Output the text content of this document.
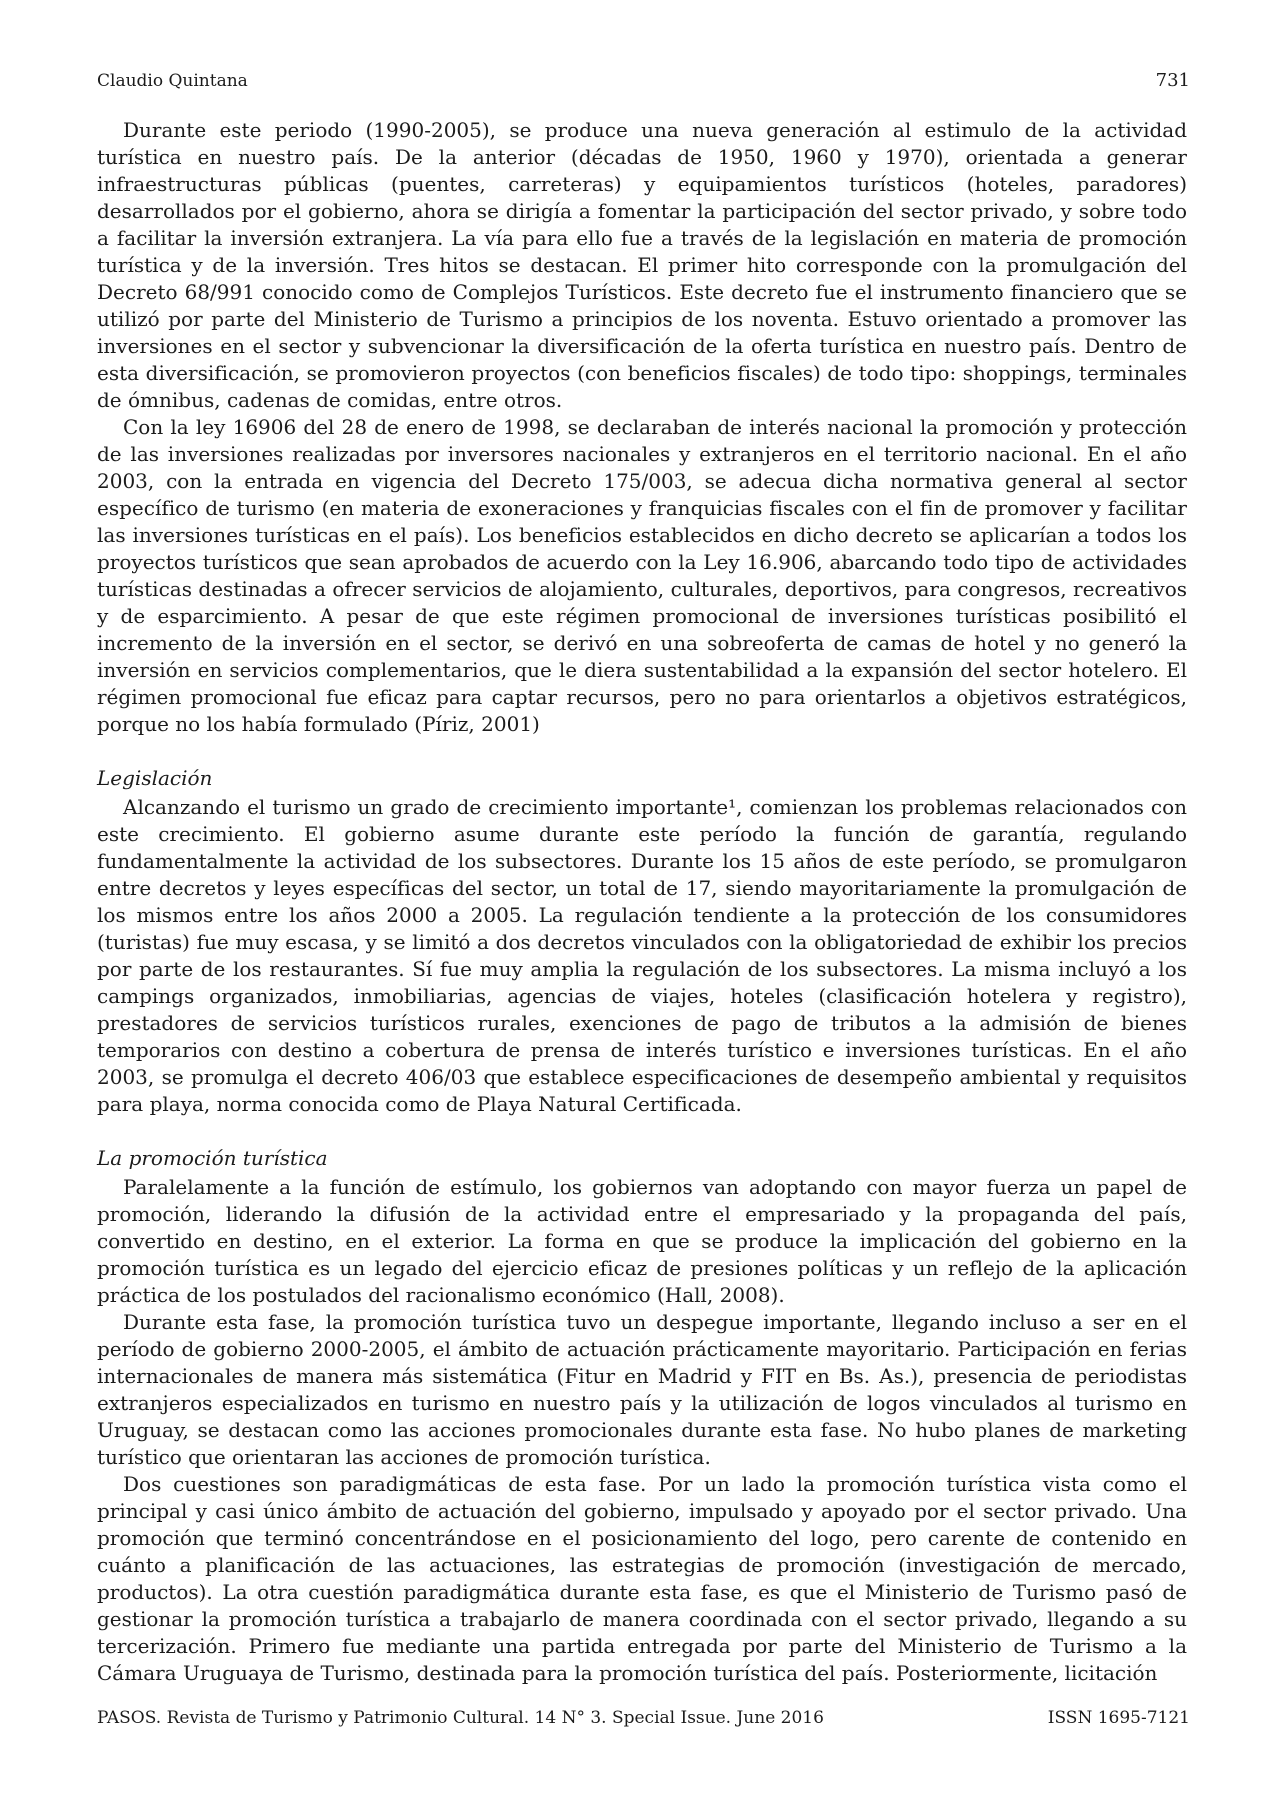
Claudio Quintana	731

Durante este periodo (1990-2005), se produce una nueva generación al estimulo de la actividad turística en nuestro país. De la anterior (décadas de 1950, 1960 y 1970), orientada a generar infraestructuras públicas (puentes, carreteras) y equipamientos turísticos (hoteles, paradores) desarrollados por el gobierno, ahora se dirigía a fomentar la participación del sector privado, y sobre todo a facilitar la inversión extranjera. La vía para ello fue a través de la legislación en materia de promoción turística y de la inversión. Tres hitos se destacan. El primer hito corresponde con la promulgación del Decreto 68/991 conocido como de Complejos Turísticos. Este decreto fue el instrumento financiero que se utilizó por parte del Ministerio de Turismo a principios de los noventa. Estuvo orientado a promover las inversiones en el sector y subvencionar la diversificación de la oferta turística en nuestro país. Dentro de esta diversificación, se promovieron proyectos (con beneficios fiscales) de todo tipo: shoppings, terminales de ómnibus, cadenas de comidas, entre otros.

Con la ley 16906 del 28 de enero de 1998, se declaraban de interés nacional la promoción y protección de las inversiones realizadas por inversores nacionales y extranjeros en el territorio nacional. En el año 2003, con la entrada en vigencia del Decreto 175/003, se adecua dicha normativa general al sector específico de turismo (en materia de exoneraciones y franquicias fiscales con el fin de promover y facilitar las inversiones turísticas en el país). Los beneficios establecidos en dicho decreto se aplicarían a todos los proyectos turísticos que sean aprobados de acuerdo con la Ley 16.906, abarcando todo tipo de actividades turísticas destinadas a ofrecer servicios de alojamiento, culturales, deportivos, para congresos, recreativos y de esparcimiento. A pesar de que este régimen promocional de inversiones turísticas posibilitó el incremento de la inversión en el sector, se derivó en una sobreoferta de camas de hotel y no generó la inversión en servicios complementarios, que le diera sustentabilidad a la expansión del sector hotelero. El régimen promocional fue eficaz para captar recursos, pero no para orientarlos a objetivos estratégicos, porque no los había formulado (Píriz, 2001)

Legislación

Alcanzando el turismo un grado de crecimiento importante¹, comienzan los problemas relacionados con este crecimiento. El gobierno asume durante este período la función de garantía, regulando fundamentalmente la actividad de los subsectores. Durante los 15 años de este período, se promulgaron entre decretos y leyes específicas del sector, un total de 17, siendo mayoritariamente la promulgación de los mismos entre los años 2000 a 2005. La regulación tendiente a la protección de los consumidores (turistas) fue muy escasa, y se limitó a dos decretos vinculados con la obligatoriedad de exhibir los precios por parte de los restaurantes. Sí fue muy amplia la regulación de los subsectores. La misma incluyó a los campings organizados, inmobiliarias, agencias de viajes, hoteles (clasificación hotelera y registro), prestadores de servicios turísticos rurales, exenciones de pago de tributos a la admisión de bienes temporarios con destino a cobertura de prensa de interés turístico e inversiones turísticas. En el año 2003, se promulga el decreto 406/03 que establece especificaciones de desempeño ambiental y requisitos para playa, norma conocida como de Playa Natural Certificada.

La promoción turística

Paralelamente a la función de estímulo, los gobiernos van adoptando con mayor fuerza un papel de promoción, liderando la difusión de la actividad entre el empresariado y la propaganda del país, convertido en destino, en el exterior. La forma en que se produce la implicación del gobierno en la promoción turística es un legado del ejercicio eficaz de presiones políticas y un reflejo de la aplicación práctica de los postulados del racionalismo económico (Hall, 2008).

Durante esta fase, la promoción turística tuvo un despegue importante, llegando incluso a ser en el período de gobierno 2000-2005, el ámbito de actuación prácticamente mayoritario. Participación en ferias internacionales de manera más sistemática (Fitur en Madrid y FIT en Bs. As.), presencia de periodistas extranjeros especializados en turismo en nuestro país y la utilización de logos vinculados al turismo en Uruguay, se destacan como las acciones promocionales durante esta fase. No hubo planes de marketing turístico que orientaran las acciones de promoción turística.

Dos cuestiones son paradigmáticas de esta fase. Por un lado la promoción turística vista como el principal y casi único ámbito de actuación del gobierno, impulsado y apoyado por el sector privado. Una promoción que terminó concentrándose en el posicionamiento del logo, pero carente de contenido en cuánto a planificación de las actuaciones, las estrategias de promoción (investigación de mercado, productos). La otra cuestión paradigmática durante esta fase, es que el Ministerio de Turismo pasó de gestionar la promoción turística a trabajarlo de manera coordinada con el sector privado, llegando a su tercerización. Primero fue mediante una partida entregada por parte del Ministerio de Turismo a la Cámara Uruguaya de Turismo, destinada para la promoción turística del país. Posteriormente, licitación

PASOS. Revista de Turismo y Patrimonio Cultural. 14 N° 3. Special Issue. June 2016	ISSN 1695-7121
